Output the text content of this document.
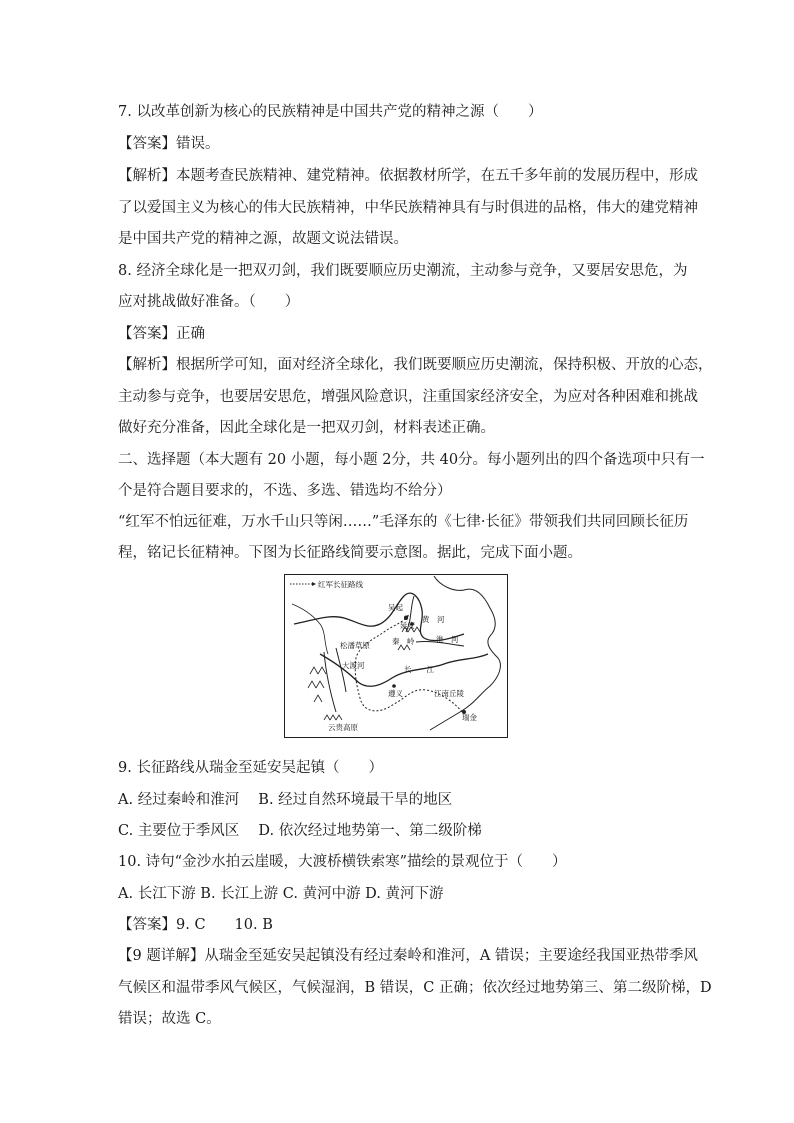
7. 以改革创新为核心的民族精神是中国共产党的精神之源（　　）
【答案】错误。
【解析】本题考查民族精神、建党精神。依据教材所学，在五千多年前的发展历程中，形成
了以爱国主义为核心的伟大民族精神，中华民族精神具有与时俱进的品格，伟大的建党精神
是中国共产党的精神之源，故题文说法错误。
8. 经济全球化是一把双刃剑，我们既要顺应历史潮流，主动参与竞争，又要居安思危，为
应对挑战做好准备。（　　）
【答案】正确
【解析】根据所学可知，面对经济全球化，我们既要顺应历史潮流，保持积极、开放的心态，
主动参与竞争，也要居安思危，增强风险意识，注重国家经济安全，为应对各种困难和挑战
做好充分准备，因此全球化是一把双刃剑，材料表述正确。
二、选择题（本大题有 20 小题，每小题 2分，共 40分。每小题列出的四个备选项中只有一
个是符合题目要求的，不选、多选、错选均不给分）
“红军不怕远征难，万水千山只等闲……”毛泽东的《七律·长征》带领我们共同回顾长征历
程，铭记长征精神。下图为长征路线简要示意图。据此，完成下面小题。
红军长征路线
吴起
延安
黄　河
秦　岭	淮　河
松潘草原
大渡河	长　　江
遵义	江南丘陵
瑞金
云贵高原
9. 长征路线从瑞金至延安吴起镇（　　）
A. 经过秦岭和淮河　 B. 经过自然环境最干旱的地区
C. 主要位于季风区　 D. 依次经过地势第一、第二级阶梯
10. 诗句“金沙水拍云崖暖，大渡桥横铁索寒”描绘的景观位于（　　）
A. 长江下游 B. 长江上游 C. 黄河中游 D. 黄河下游
【答案】9. C　　10. B
【9 题详解】从瑞金至延安吴起镇没有经过秦岭和淮河，A 错误；主要途经我国亚热带季风
气候区和温带季风气候区，气候湿润，B 错误，C 正确；依次经过地势第三、第二级阶梯，D
错误；故选 C。
